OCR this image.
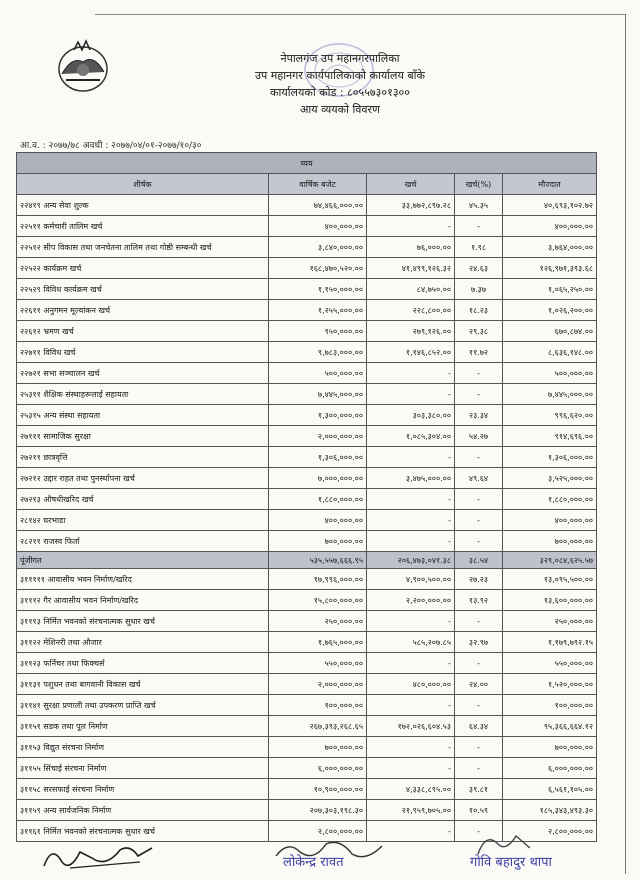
नेपालगंज उप महानगरपालिका
उप महानगर कार्यपालिकाको कार्यालय बाँके
कार्यालयको कोड : ८०५५७३०१३००
आय व्ययको विवरण
आ.व. : २०७७/७८ अवधी : २०७७/०४/०१-२०७७/१०/३०
व्यय				
शीर्षक	वार्षिक बजेट	खर्च	खर्च(%)	मौज्दात
२२४१९ अन्य सेवा शुल्क	७४,४६६,०००.००	३३,७७२,८९७.२८	४५.३५	४०,६९३,१०२.७२
२२५११ कर्मचारी तालिम खर्च	४००,०००.००	-	-	४००,०००.००
२२५१२ सीप विकास तथा जनचेतना तालिम तथा गोष्ठी सम्बन्धी खर्च	३,८४०,०००.००	७६,०००.००	१.९८	३,७६४,०००.००
२२५२२ कार्यक्रम खर्च	१६८,४७०,५२०.००	४१,४९९,१२६.३२	२४.६३	१२६,९७१,३९३.६८
२२५२९ विविध कार्यक्रम खर्च	१,१५०,०००.००	८४,७५०.००	७.३७	१,०६५,२५०.००
२२६११ अनुगमन मूल्यांकन खर्च	१,२५५,०००.००	२२८,८००.००	१८.२३	१,०२६,२००.००
२२६१२ भ्रमण खर्च	९५०,०००.००	२७९,१२६.००	२९.३८	६७०,८७४.००
२२७११ विविध खर्च	९,७८३,०००.००	१,१४६,८५२.००	११.७२	८,६३६,१४८.००
२२७२१ सभा सञ्चालन खर्च	५००,०००.००	-	-	५००,०००.००
२५३११ शैक्षिक संस्थाहरूलाई सहायता	७,४४५,०००.००	-	-	७,४४५,०००.००
२५३१५ अन्य संस्था सहायता	१,३००,०००.००	३०३,३८०.००	२३.३४	९९६,६२०.००
२७१११ सामाजिक सुरक्षा	२,०००,०००.००	१,०८५,३०४.००	५४.२७	९१४,६९६.००
२७२११ छात्रवृत्ति	१,३०६,०००.००	-	-	१,३०६,०००.००
२७२१२ उद्दार राहत तथा पुनर्स्थापना खर्च	७,०००,०००.००	३,४७५,०००.००	४९.६४	३,५२५,०००.००
२७२१३ औषधीखरिद खर्च	१,८८०,०००.००	-	-	१,८८०,०००.००
२८१४२ घरभाडा	४००,०००.००	-	-	४००,०००.००
२८२११ राजस्व फिर्ता	७००,०००.००	-	-	७००,०००.००
पूंजीगत	५३५,५५७,६६६.९५	२०६,४७३,०४१.३८	३८.५४	३२९,०८४,६२५.५७
३१११११ आवासीय भवन निर्माण/खरिद	१७,९९६,०००.००	४,९००,५००.००	२७.२३	१३,०९५,५००.००
३१११२ गैर आवासीय भवन निर्माण/खरिद	१५,८००,०००.००	२,२००,०००.००	१३.९२	१३,६००,०००.००
३१११३ निर्मित भवनको संरचनात्मक सुधार खर्च	२५०,०००.००	-	-	२५०,०००.००
३११२२ मेशिनरी तथा औजार	१,७६५,०००.००	५८५,२०७.८५	३२.९७	१,१७९,७९२.१५
३११२३ फर्निचर तथा फिक्चर्स	५५०,०००.००	-	-	५५०,०००.००
३११३१ पशुधन तथा बागवानी विकास खर्च	२,०००,०००.००	४८०,०००.००	२४.००	१,५२०,०००.००
३११४१ सुरक्षा प्रणाली तथा उपकरण प्राप्ति खर्च	१००,०००.००	-	-	१००,०००.००
३११५१ सडक तथा पूल निर्माण	२६७,३९३,२६८.६५	१७२,०२६,६०४.५३	६४.३४	९५,३६६,६६४.१२
३११५३ विद्युत संरचना निर्माण	७००,०००.००	-	-	७००,०००.००
३११५५ सिंचाई संरचना निर्माण	६,०००,०००.००	-	-	६,०००,०००.००
३११५८ सरसफाई संरचना निर्माण	१०,९००,०००.००	४,३३८,८९५.००	३९.८१	६,५६१,१०५.००
३११५९ अन्य सार्वजनिक निर्माण	२०७,३०३,१९८.३०	२१,९५९,७०५.००	१०.५९	१८५,३४३,४९३.३०
३११६१ निर्मित भवनको संरचनात्मक सुधार खर्च	२,८००,०००.००	-	-	२,८००,०००.००
लोकेन्द्र रावत	गोवि बहादुर थापा
